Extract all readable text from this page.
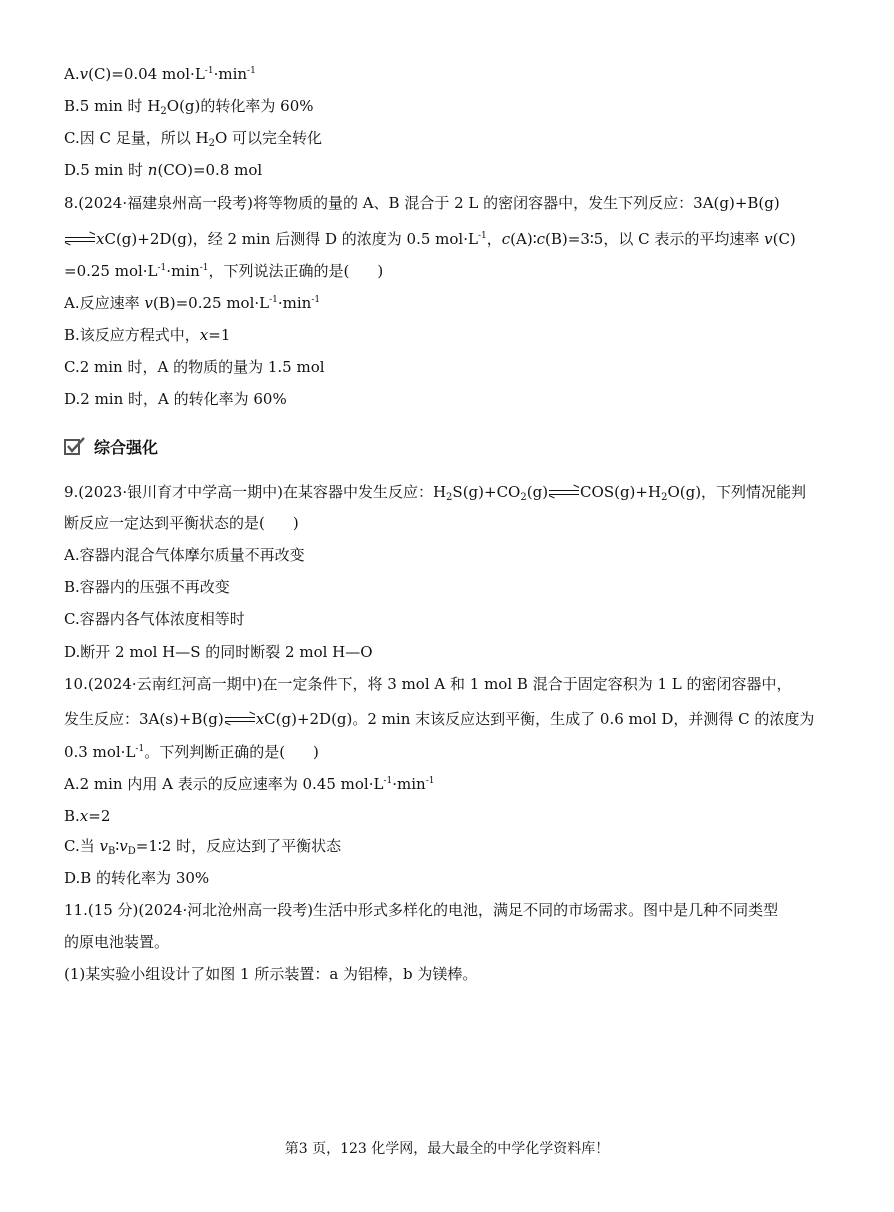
A.v(C)=0.04 $mol\cdot L^{-1}\cdot\min^{-1}$
B.5 min 时 $H_2O(g)$的转化率为 60%
C.因 C 足量，所以 $H_2O$ 可以完全转化
D.5 min 时 n(CO)=0.8 mol
8.(2024·福建泉州高一段考)将等物质的量的 A、B 混合于 2 L 的密闭容器中，发生下列反应：3A(g)+B(g)
xC(g)+2D(g)，经 2 min 后测得 D 的浓度为 0.5 $mol\cdot L^{-1}$，c(A)∶c(B)=3∶5，以 C 表示的平均速率 v(C)
=0.25 $mol\cdot L^{-1}\cdot\min^{-1}$，下列说法正确的是( )
A.反应速率 v(B)=0.25 $mol\cdot L^{-1}\cdot\min^{-1}$
B.该反应方程式中，x=1
C.2 min 时，A 的物质的量为 1.5 mol
D.2 min 时，A 的转化率为 60%
综合强化
9.(2023·银川育才中学高一期中)在某容器中发生反应：$H_2S(g)+CO_2(g)$ $COS(g)+H_2O(g)$，下列情况能判
断反应一定达到平衡状态的是( )
A.容器内混合气体摩尔质量不再改变
B.容器内的压强不再改变
C.容器内各气体浓度相等时
D.断开 2 mol H—S 的同时断裂 2 mol H—O
10.(2024·云南红河高一期中)在一定条件下，将 3 mol A 和 1 mol B 混合于固定容积为 1 L 的密闭容器中，
发生反应：3A(s)+B(g) xC(g)+2D(g)。2 min 末该反应达到平衡，生成了 0.6 mol D，并测得 C 的浓度为
0.3 $mol\cdot L^{-1}$。下列判断正确的是( )
A.2 min 内用 A 表示的反应速率为 0.45 $mol\cdot L^{-1}\cdot\min^{-1}$
B.x=2
C.当 $v_B∶v_D=1∶2$ 时，反应达到了平衡状态
D.B 的转化率为 30%
11.(15 分)(2024·河北沧州高一段考)生活中形式多样化的电池，满足不同的市场需求。图中是几种不同类型
的原电池装置。
(1)某实验小组设计了如图 1 所示装置：a 为铝棒，b 为镁棒。
第3 页，123 化学网，最大最全的中学化学资料库！
